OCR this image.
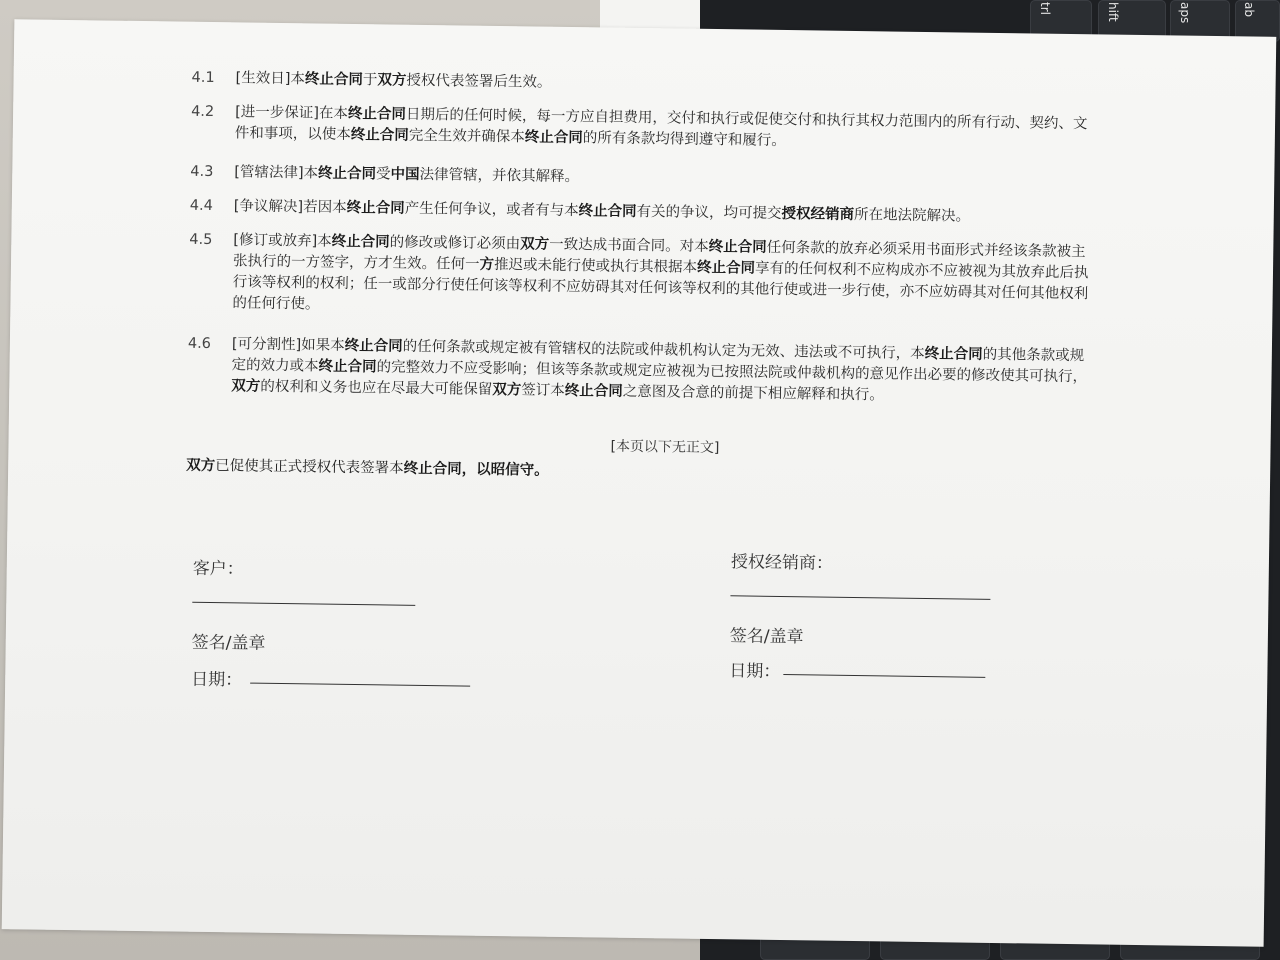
trl	hift	aps	ab
4.1	[生效日]本终止合同于双方授权代表签署后生效。
4.2	[进一步保证]在本终止合同日期后的任何时候，每一方应自担费用，交付和执行或促使交付和执行其权力范围内的所有行动、契约、文件和事项，以使本终止合同完全生效并确保本终止合同的所有条款均得到遵守和履行。
4.3	[管辖法律]本终止合同受中国法律管辖，并依其解释。
4.4	[争议解决]若因本终止合同产生任何争议，或者有与本终止合同有关的争议，均可提交授权经销商所在地法院解决。
4.5	[修订或放弃]本终止合同的修改或修订必须由双方一致达成书面合同。对本终止合同任何条款的放弃必须采用书面形式并经该条款被主张执行的一方签字，方才生效。任何一方推迟或未能行使或执行其根据本终止合同享有的任何权利不应构成亦不应被视为其放弃此后执行该等权利的权利；任一或部分行使任何该等权利不应妨碍其对任何该等权利的其他行使或进一步行使，亦不应妨碍其对任何其他权利的任何行使。
4.6	[可分割性]如果本终止合同的任何条款或规定被有管辖权的法院或仲裁机构认定为无效、违法或不可执行，本终止合同的其他条款或规定的效力或本终止合同的完整效力不应受影响；但该等条款或规定应被视为已按照法院或仲裁机构的意见作出必要的修改使其可执行，双方的权利和义务也应在尽最大可能保留双方签订本终止合同之意图及合意的前提下相应解释和执行。
[本页以下无正文]
双方已促使其正式授权代表签署本终止合同，以昭信守。
客户：
签名/盖章
日期：
授权经销商：
签名/盖章
日期：
